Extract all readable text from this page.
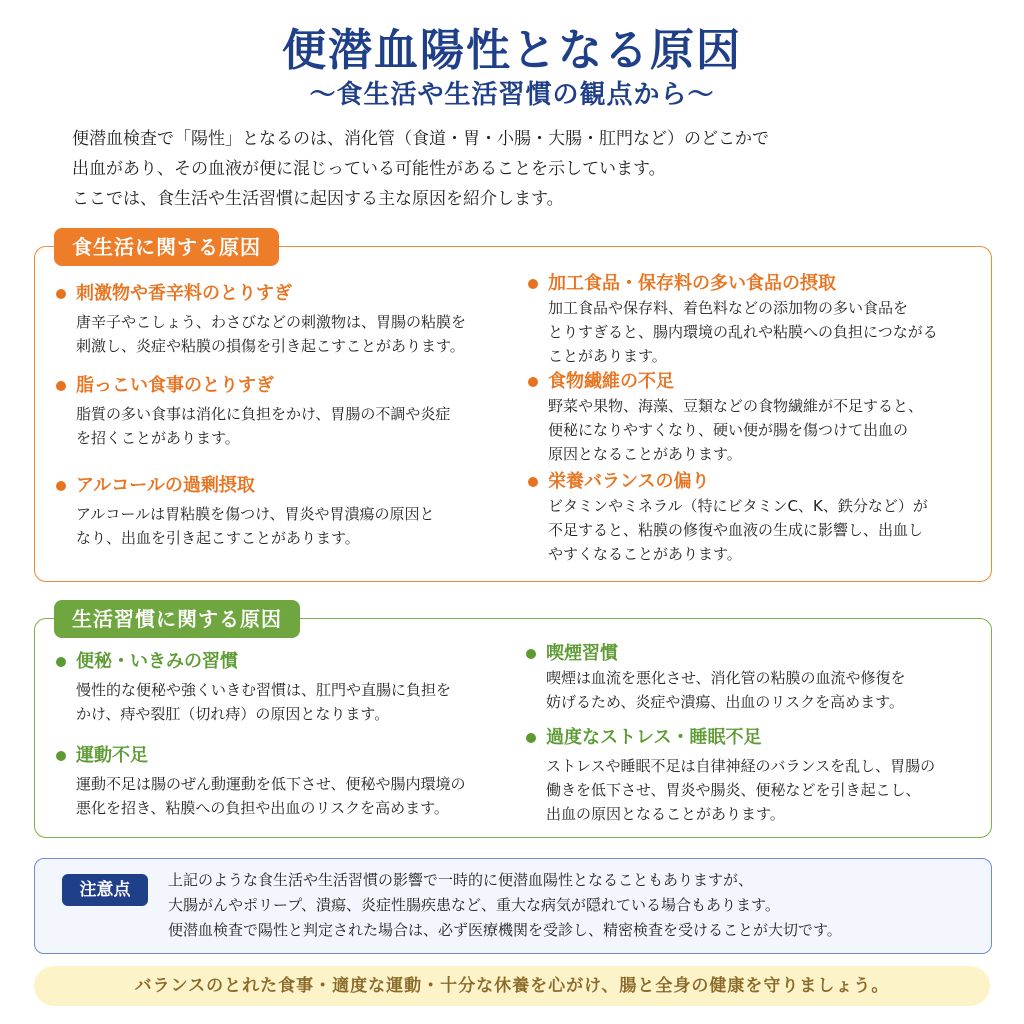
便潜血陽性となる原因
～食生活や生活習慣の観点から～
便潜血検査で「陽性」となるのは、消化管（食道・胃・小腸・大腸・肛門など）のどこかで
出血があり、その血液が便に混じっている可能性があることを示しています。
ここでは、食生活や生活習慣に起因する主な原因を紹介します。
食生活に関する原因
刺激物や香辛料のとりすぎ
唐辛子やこしょう、わさびなどの刺激物は、胃腸の粘膜を
刺激し、炎症や粘膜の損傷を引き起こすことがあります。
脂っこい食事のとりすぎ
脂質の多い食事は消化に負担をかけ、胃腸の不調や炎症
を招くことがあります。
アルコールの過剰摂取
アルコールは胃粘膜を傷つけ、胃炎や胃潰瘍の原因と
なり、出血を引き起こすことがあります。
加工食品・保存料の多い食品の摂取
加工食品や保存料、着色料などの添加物の多い食品を
とりすぎると、腸内環境の乱れや粘膜への負担につながる
ことがあります。
食物繊維の不足
野菜や果物、海藻、豆類などの食物繊維が不足すると、
便秘になりやすくなり、硬い便が腸を傷つけて出血の
原因となることがあります。
栄養バランスの偏り
ビタミンやミネラル（特にビタミンC、K、鉄分など）が
不足すると、粘膜の修復や血液の生成に影響し、出血し
やすくなることがあります。
生活習慣に関する原因
便秘・いきみの習慣
慢性的な便秘や強くいきむ習慣は、肛門や直腸に負担を
かけ、痔や裂肛（切れ痔）の原因となります。
運動不足
運動不足は腸のぜん動運動を低下させ、便秘や腸内環境の
悪化を招き、粘膜への負担や出血のリスクを高めます。
喫煙習慣
喫煙は血流を悪化させ、消化管の粘膜の血流や修復を
妨げるため、炎症や潰瘍、出血のリスクを高めます。
過度なストレス・睡眠不足
ストレスや睡眠不足は自律神経のバランスを乱し、胃腸の
働きを低下させ、胃炎や腸炎、便秘などを引き起こし、
出血の原因となることがあります。
注意点	上記のような食生活や生活習慣の影響で一時的に便潜血陽性となることもありますが、
大腸がんやポリープ、潰瘍、炎症性腸疾患など、重大な病気が隠れている場合もあります。
便潜血検査で陽性と判定された場合は、必ず医療機関を受診し、精密検査を受けることが大切です。
バランスのとれた食事・適度な運動・十分な休養を心がけ、腸と全身の健康を守りましょう。
